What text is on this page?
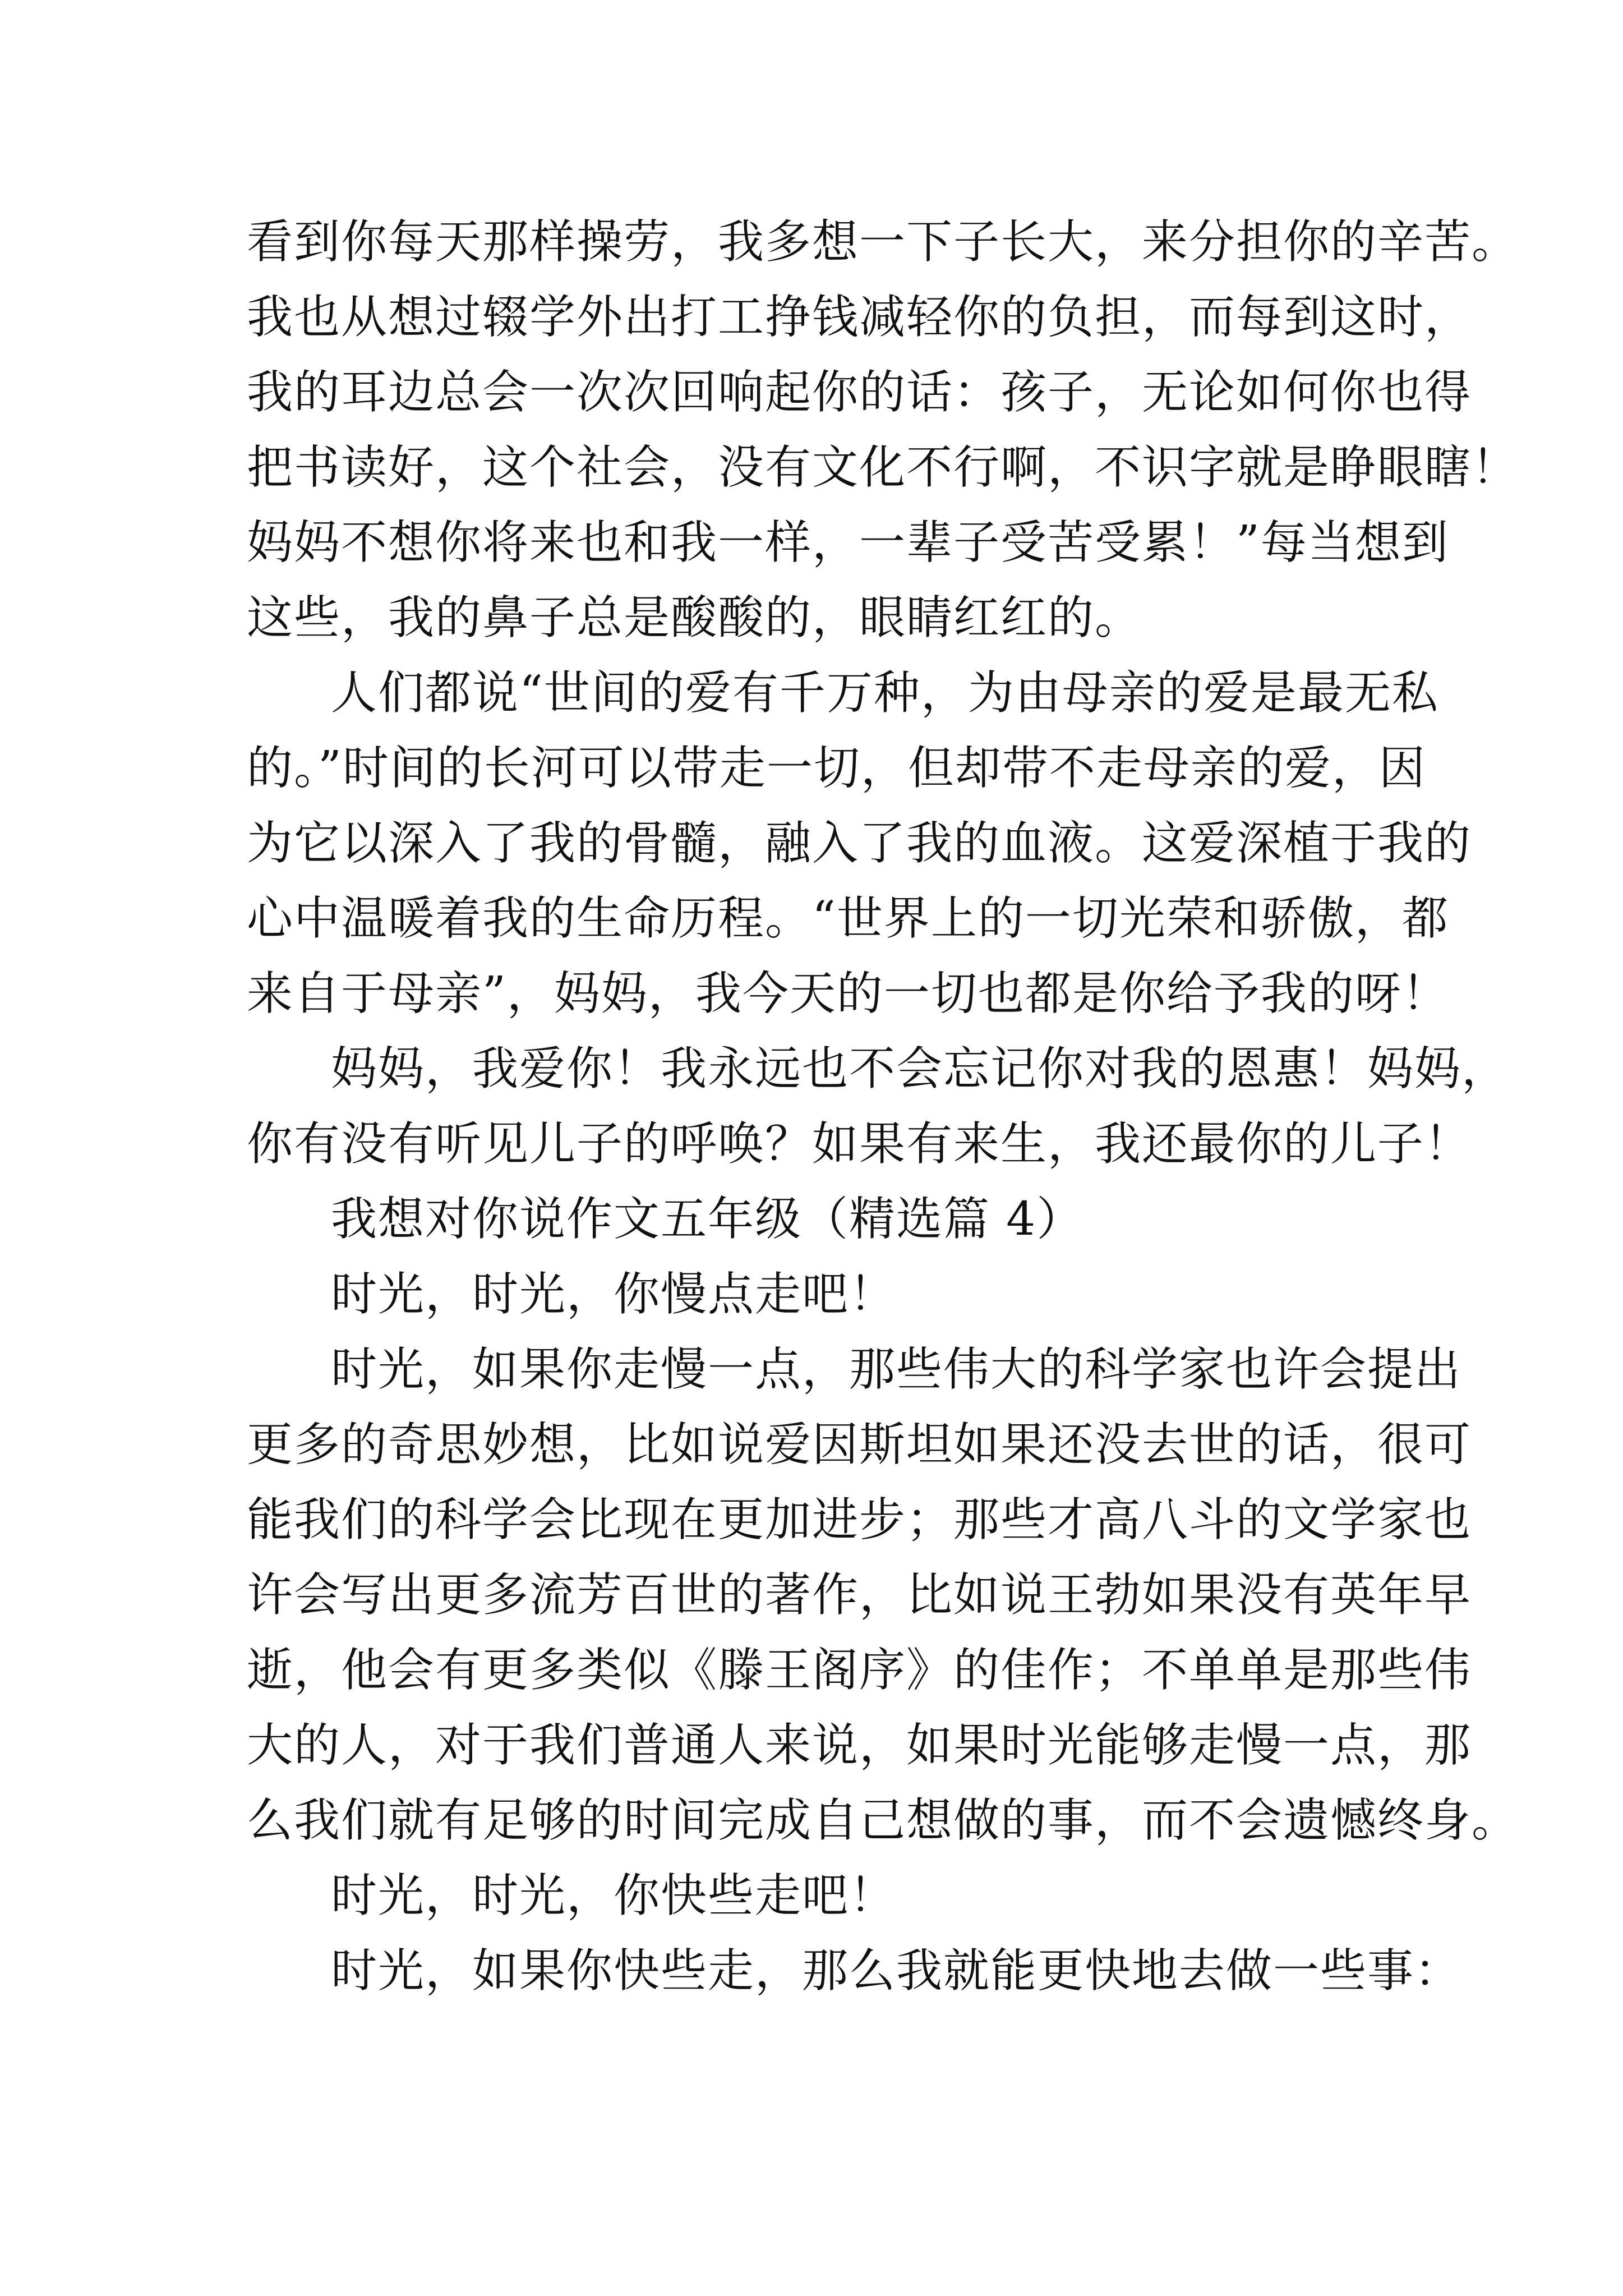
看到你每天那样操劳，我多想一下子长大，来分担你的辛苦。
我也从想过辍学外出打工挣钱减轻你的负担，而每到这时，
我的耳边总会一次次回响起你的话：孩子，无论如何你也得
把书读好，这个社会，没有文化不行啊，不识字就是睁眼瞎！
妈妈不想你将来也和我一样，一辈子受苦受累！”每当想到
这些，我的鼻子总是酸酸的，眼睛红红的。
人们都说“世间的爱有千万种，为由母亲的爱是最无私
的。”时间的长河可以带走一切，但却带不走母亲的爱，因
为它以深入了我的骨髓，融入了我的血液。这爱深植于我的
心中温暖着我的生命历程。“世界上的一切光荣和骄傲，都
来自于母亲”，妈妈，我今天的一切也都是你给予我的呀！
妈妈，我爱你！我永远也不会忘记你对我的恩惠！妈妈，
你有没有听见儿子的呼唤？如果有来生，我还最你的儿子！
我想对你说作文五年级（精选篇 4）
时光，时光，你慢点走吧！
时光，如果你走慢一点，那些伟大的科学家也许会提出
更多的奇思妙想，比如说爱因斯坦如果还没去世的话，很可
能我们的科学会比现在更加进步；那些才高八斗的文学家也
许会写出更多流芳百世的著作，比如说王勃如果没有英年早
逝，他会有更多类似《滕王阁序》的佳作；不单单是那些伟
大的人，对于我们普通人来说，如果时光能够走慢一点，那
么我们就有足够的时间完成自己想做的事，而不会遗憾终身。
时光，时光，你快些走吧！
时光，如果你快些走，那么我就能更快地去做一些事：
